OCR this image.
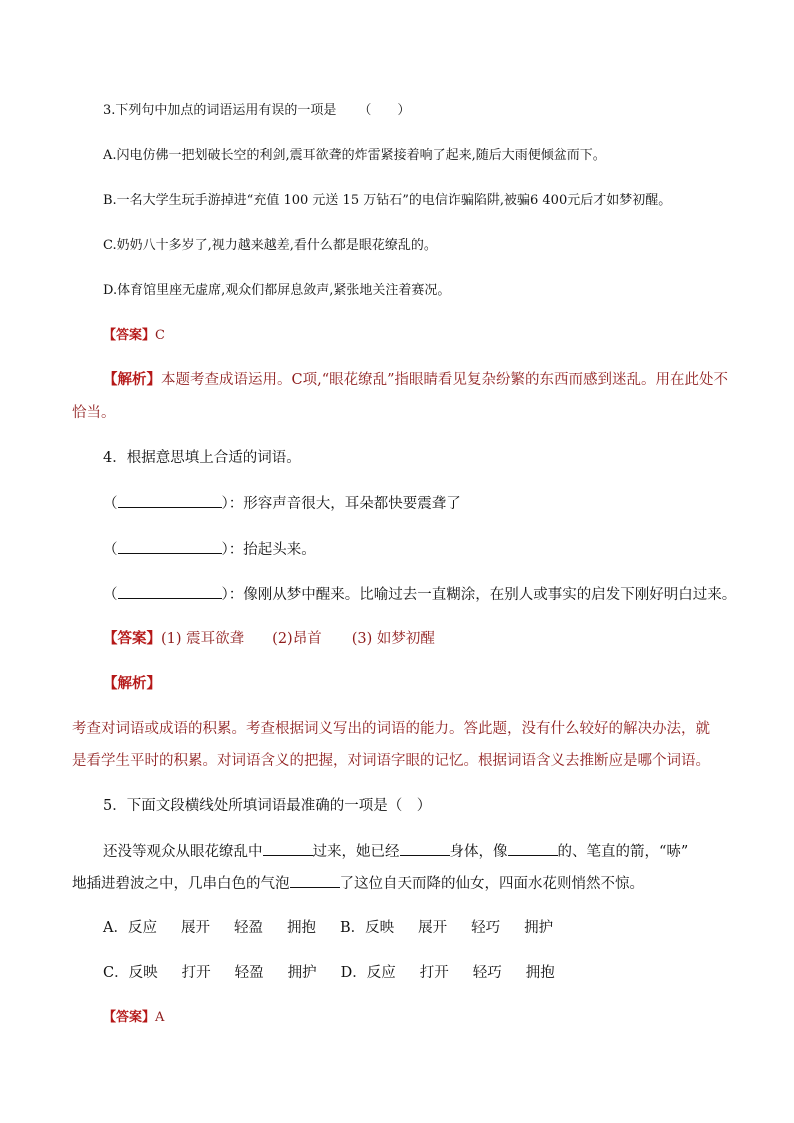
3.下列句中加点的词语运用有误的一项是 （　　）
A.闪电仿佛一把划破长空的利剑,震耳欲聋的炸雷紧接着响了起来,随后大雨便倾盆而下。
B.一名大学生玩手游掉进“充值 100 元送 15 万钻石”的电信诈骗陷阱,被骗6 400元后才如梦初醒。
C.奶奶八十多岁了,视力越来越差,看什么都是眼花缭乱的。
D.体育馆里座无虚席,观众们都屏息敛声,紧张地关注着赛况。
【答案】C
【解析】本题考查成语运用。C项,“眼花缭乱”指眼睛看见复杂纷繁的东西而感到迷乱。用在此处不
恰当。
4．根据意思填上合适的词语。
（	）：形容声音很大，耳朵都快要震聋了
（	）：抬起头来。
（	）：像刚从梦中醒来。比喻过去一直糊涂，在别人或事实的启发下刚好明白过来。
【答案】(1) 震耳欲聋 (2)昂首 (3) 如梦初醒
【解析】
考查对词语或成语的积累。考查根据词义写出的词语的能力。答此题，没有什么较好的解决办法，就
是看学生平时的积累。对词语含义的把握，对词语字眼的记忆。根据词语含义去推断应是哪个词语。
5．下面文段横线处所填词语最准确的一项是（　）
还没等观众从眼花缭乱中	过来，她已经	身体，像	的、笔直的箭，“哧”
地插进碧波之中，几串白色的气泡	了这位自天而降的仙女，四面水花则悄然不惊。
A．反应 展开 轻盈 拥抱 B．反映 展开 轻巧 拥护
C．反映 打开 轻盈 拥护 D．反应 打开 轻巧 拥抱
【答案】A
